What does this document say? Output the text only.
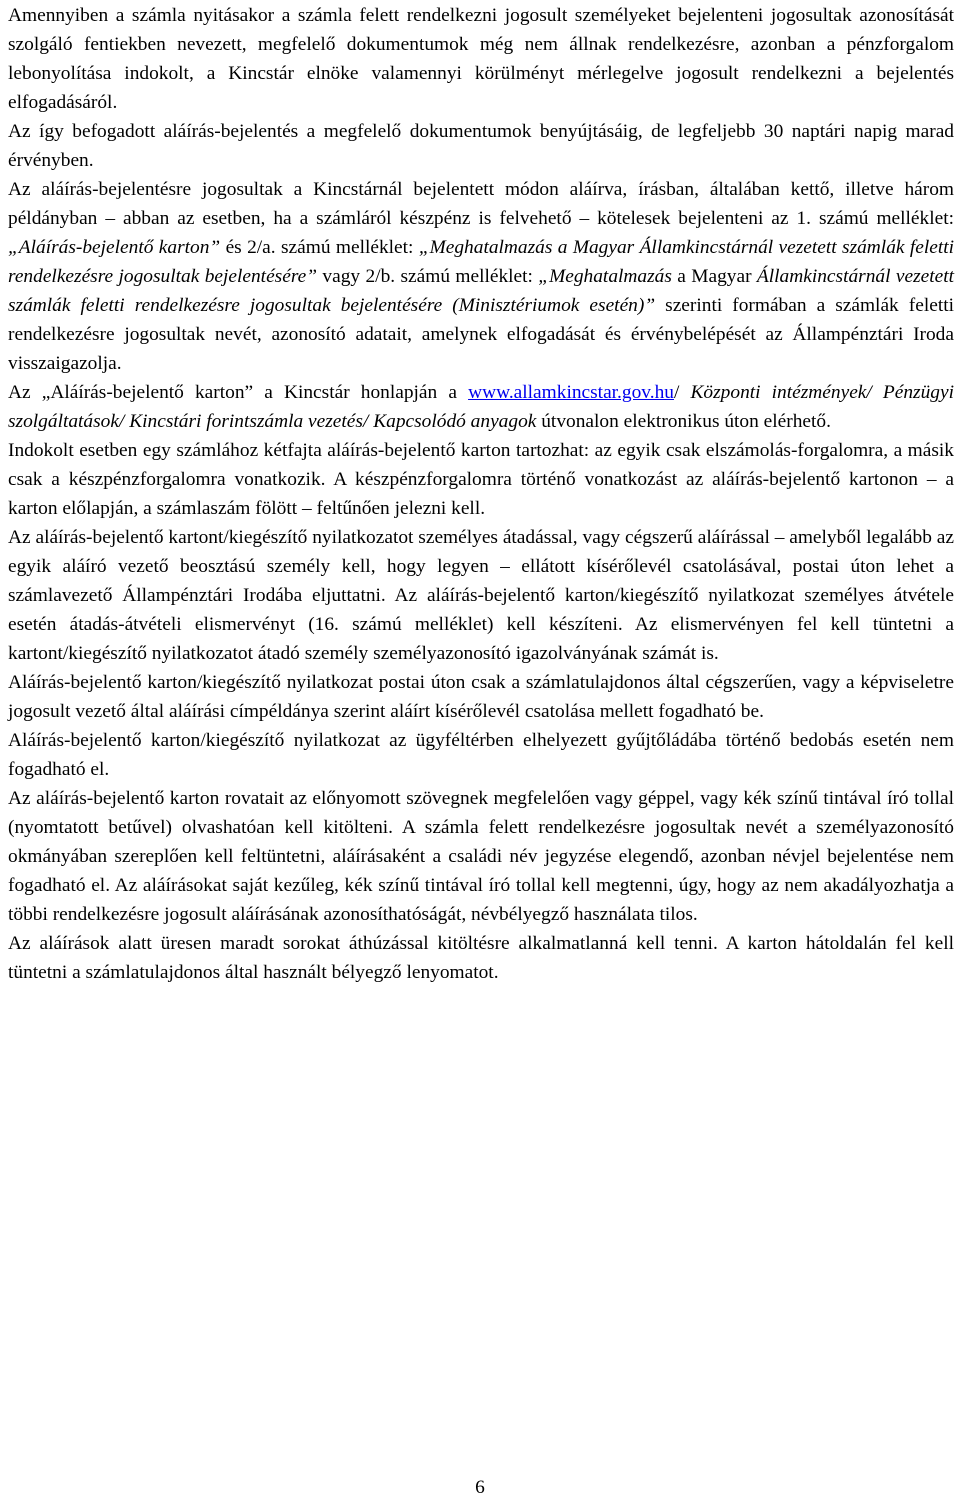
Amennyiben a számla nyitásakor a számla felett rendelkezni jogosult személyeket bejelenteni jogosultak azonosítását szolgáló fentiekben nevezett, megfelelő dokumentumok még nem állnak rendelkezésre, azonban a pénzforgalom lebonyolítása indokolt, a Kincstár elnöke valamennyi körülményt mérlegelve jogosult rendelkezni a bejelentés elfogadásáról.

Az így befogadott aláírás-bejelentés a megfelelő dokumentumok benyújtásáig, de legfeljebb 30 naptári napig marad érvényben.

Az aláírás-bejelentésre jogosultak a Kincstárnál bejelentett módon aláírva, írásban, általában kettő, illetve három példányban – abban az esetben, ha a számláról készpénz is felvehető – kötelesek bejelenteni az 1. számú melléklet: „Aláírás-bejelentő karton” és 2/a. számú melléklet: „Meghatalmazás a Magyar Államkincstárnál vezetett számlák feletti rendelkezésre jogosultak bejelentésére” vagy 2/b. számú melléklet: „Meghatalmazás a Magyar Államkincstárnál vezetett számlák feletti rendelkezésre jogosultak bejelentésére (Minisztériumok esetén)” szerinti formában a számlák feletti rendelkezésre jogosultak nevét, azonosító adatait, amelynek elfogadását és érvénybelépését az Állampénztári Iroda visszaigazolja.

Az „Aláírás-bejelentő karton” a Kincstár honlapján a www.allamkincstar.gov.hu/ Központi intézmények/ Pénzügyi szolgáltatások/ Kincstári forintszámla vezetés/ Kapcsolódó anyagok útvonalon elektronikus úton elérhető.

Indokolt esetben egy számlához kétfajta aláírás-bejelentő karton tartozhat: az egyik csak elszámolás-forgalomra, a másik csak a készpénzforgalomra vonatkozik. A készpénzforgalomra történő vonatkozást az aláírás-bejelentő kartonon – a karton előlapján, a számlaszám fölött – feltűnően jelezni kell.

Az aláírás-bejelentő kartont/kiegészítő nyilatkozatot személyes átadással, vagy cégszerű aláírással – amelyből legalább az egyik aláíró vezető beosztású személy kell, hogy legyen – ellátott kísérőlevél csatolásával, postai úton lehet a számlavezető Állampénztári Irodába eljuttatni. Az aláírás-bejelentő karton/kiegészítő nyilatkozat személyes átvétele esetén átadás-átvételi elismervényt (16. számú melléklet) kell készíteni. Az elismervényen fel kell tüntetni a kartont/kiegészítő nyilatkozatot átadó személy személyazonosító igazolványának számát is.

Aláírás-bejelentő karton/kiegészítő nyilatkozat postai úton csak a számlatulajdonos által cégszerűen, vagy a képviseletre jogosult vezető által aláírási címpéldánya szerint aláírt kísérőlevél csatolása mellett fogadható be.

Aláírás-bejelentő karton/kiegészítő nyilatkozat az ügyféltérben elhelyezett gyűjtőládába történő bedobás esetén nem fogadható el.

Az aláírás-bejelentő karton rovatait az előnyomott szövegnek megfelelően vagy géppel, vagy kék színű tintával író tollal (nyomtatott betűvel) olvashatóan kell kitölteni. A számla felett rendelkezésre jogosultak nevét a személyazonosító okmányában szereplően kell feltüntetni, aláírásaként a családi név jegyzése elegendő, azonban névjel bejelentése nem fogadható el. Az aláírásokat saját kezűleg, kék színű tintával író tollal kell megtenni, úgy, hogy az nem akadályozhatja a többi rendelkezésre jogosult aláírásának azonosíthatóságát, névbélyegző használata tilos.

Az aláírások alatt üresen maradt sorokat áthúzással kitöltésre alkalmatlanná kell tenni. A karton hátoldalán fel kell tüntetni a számlatulajdonos által használt bélyegző lenyomatot.

6
